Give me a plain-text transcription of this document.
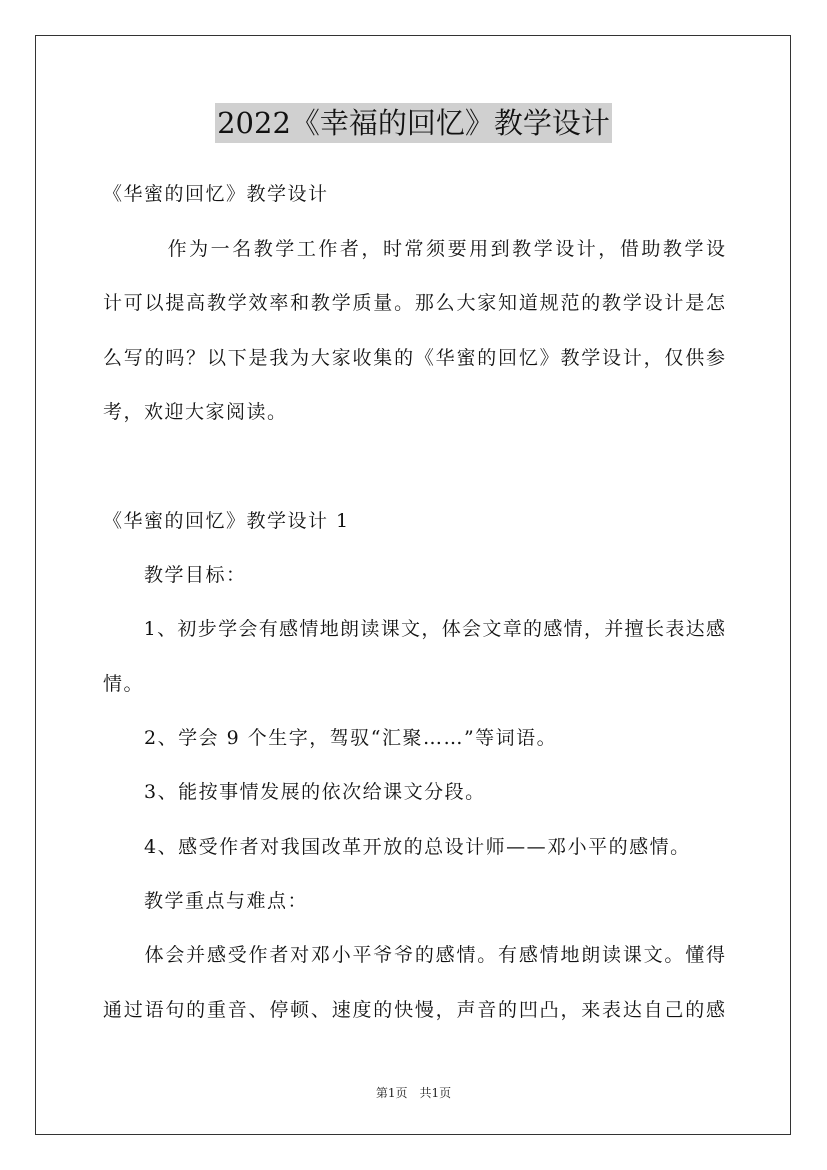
2022《幸福的回忆》教学设计
《华蜜的回忆》教学设计
　　　作为一名教学工作者，时常须要用到教学设计，借助教学设
计可以提高教学效率和教学质量。那么大家知道规范的教学设计是怎
么写的吗？以下是我为大家收集的《华蜜的回忆》教学设计，仅供参
考，欢迎大家阅读。
《华蜜的回忆》教学设计 1
　　教学目标：
　　1、初步学会有感情地朗读课文，体会文章的感情，并擅长表达感
情。
　　2、学会 9 个生字，驾驭“汇聚……”等词语。
　　3、能按事情发展的依次给课文分段。
　　4、感受作者对我国改革开放的总设计师——邓小平的感情。
　　教学重点与难点：
　　体会并感受作者对邓小平爷爷的感情。有感情地朗读课文。懂得
通过语句的重音、停顿、速度的快慢，声音的凹凸，来表达自己的感
第1页　共1页
